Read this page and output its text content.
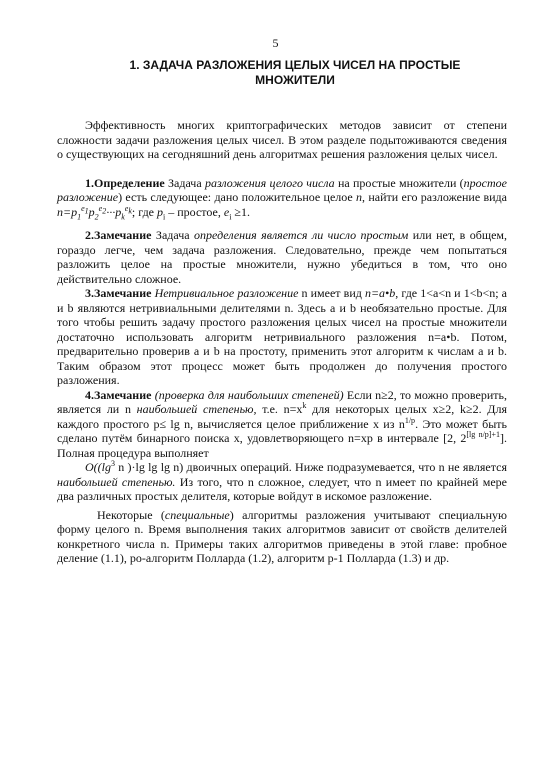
5
1. ЗАДАЧА РАЗЛОЖЕНИЯ ЦЕЛЫХ ЧИСЕЛ НА ПРОСТЫЕ МНОЖИТЕЛИ

Эффективность многих криптографических методов зависит от степени сложности задачи разложения целых чисел. В этом разделе подытоживаются сведения о существующих на сегодняшний день алгоритмах решения разложения целых чисел.

1.Определение Задача разложения целого числа на простые множители (простое разложение) есть следующее: дано положительное целое n, найти его разложение вида $n=p_1^{e_1}p_2^{e_2}\cdot\cdot\cdot p_k^{e_k}$; где $p_i$ – простое, $e_i \ge 1$.

2.Замечание Задача определения является ли число простым или нет, в общем, гораздо легче, чем задача разложения. Следовательно, прежде чем попытаться разложить целое на простые множители, нужно убедиться в том, что оно действительно сложное.

3.Замечание Нетривиальное разложение n имеет вид n=a•b, где 1<a<n и 1<b<n; a и b являются нетривиальными делителями n. Здесь a и b необязательно простые. Для того чтобы решить задачу простого разложения целых чисел на простые множители достаточно использовать алгоритм нетривиального разложения n=a•b. Потом, предварительно проверив a и b на простоту, применить этот алгоритм к числам a и b. Таким образом этот процесс может быть продолжен до получения простого разложения.

4.Замечание (проверка для наибольших степеней) Если n≥2, то можно проверить, является ли n наибольшей степенью, т.е. $n=x^k$ для некоторых целых x≥2, k≥2. Для каждого простого p≤ lg n, вычисляется целое приближение x из $n^{1/p}$. Это может быть сделано путём бинарного поиска x, удовлетворяющего n=xp в интервале [2, $2^{[lg n/p]+1}$]. Полная процедура выполняет

$O((\lg^3$ n )·lg lg lg n) двоичных операций. Ниже подразумевается, что n не является наибольшей степенью. Из того, что n сложное, следует, что n имеет по крайней мере два различных простых делителя, которые войдут в искомое разложение.

Некоторые (специальные) алгоритмы разложения учитывают специальную форму целого n. Время выполнения таких алгоритмов зависит от свойств делителей конкретного числа n. Примеры таких алгоритмов приведены в этой главе: пробное деление (1.1), ро-алгоритм Полларда (1.2), алгоритм p-1 Полларда (1.3) и др.
